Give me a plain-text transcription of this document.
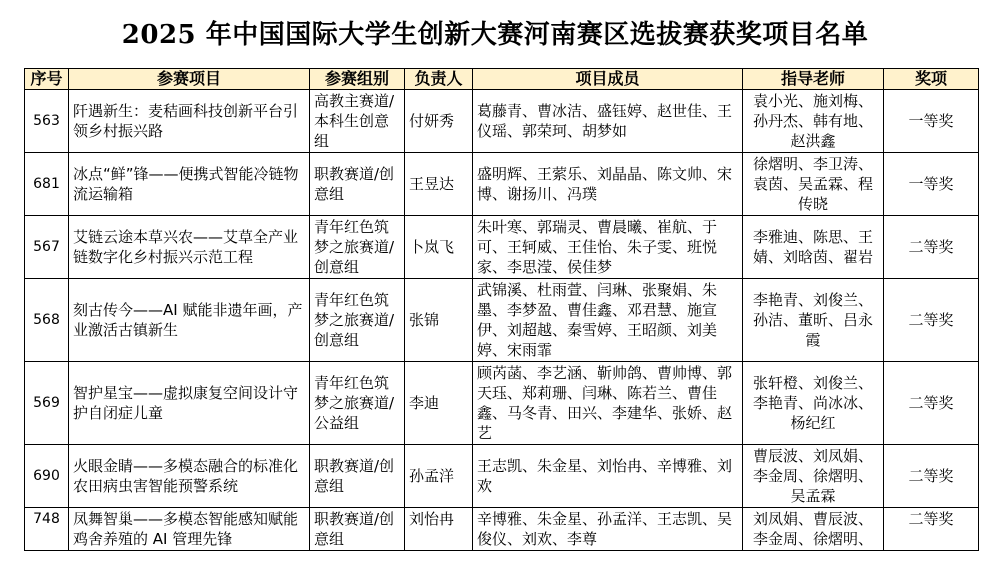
2025 年中国国际大学生创新大赛河南赛区选拔赛获奖项目名单
序号	参赛项目	参赛组别	负责人	项目成员	指导老师	奖项
563	阡遇新生：麦秸画科技创新平台引领乡村振兴路	高教主赛道/本科生创意组	付妍秀	葛藤青、曹冰洁、盛钰婷、赵世佳、王仪瑶、郭荣珂、胡梦如	袁小光、施刘梅、孙丹杰、韩有地、赵洪鑫	一等奖
681	冰点“鲜”锋——便携式智能冷链物流运输箱	职教赛道/创意组	王昱达	盛明辉、王萦乐、刘晶晶、陈文帅、宋博、谢扬川、冯璞	徐熠明、李卫涛、袁茵、吴孟霖、程传晓	一等奖
567	艾链云途本草兴农——艾草全产业链数字化乡村振兴示范工程	青年红色筑梦之旅赛道/创意组	卜岚飞	朱叶寒、郭瑞灵、曹晨曦、崔航、于可、王轲威、王佳怡、朱子雯、班悦家、李思滢、侯佳梦	李雅迪、陈思、王婧、刘晗茵、翟岩	二等奖
568	刻古传今——AI 赋能非遗年画，产业激活古镇新生	青年红色筑梦之旅赛道/创意组	张锦	武锦溪、杜雨萱、闫琳、张聚娟、朱墨、李梦盈、曹佳鑫、邓君慧、施宣伊、刘超越、秦雪婷、王昭颜、刘美婷、宋雨霏	李艳青、刘俊兰、孙洁、董昕、吕永霞	二等奖
569	智护星宝——虚拟康复空间设计守护自闭症儿童	青年红色筑梦之旅赛道/公益组	李迪	顾芮菡、李艺涵、靳帅鸽、曹帅博、郭天珏、郑莉珊、闫琳、陈若兰、曹佳鑫、马冬青、田兴、李建华、张娇、赵艺	张轩橙、刘俊兰、李艳青、尚冰冰、杨纪红	二等奖
690	火眼金睛——多模态融合的标准化农田病虫害智能预警系统	职教赛道/创意组	孙孟洋	王志凯、朱金星、刘怡冉、辛博雅、刘欢	曹辰波、刘凤娟、李金周、徐熠明、吴孟霖	二等奖
748	凤舞智巢——多模态智能感知赋能鸡舍养殖的 AI 管理先锋	职教赛道/创意组	刘怡冉	辛博雅、朱金星、孙孟洋、王志凯、吴俊仪、刘欢、李尊	刘凤娟、曹辰波、李金周、徐熠明、	二等奖
